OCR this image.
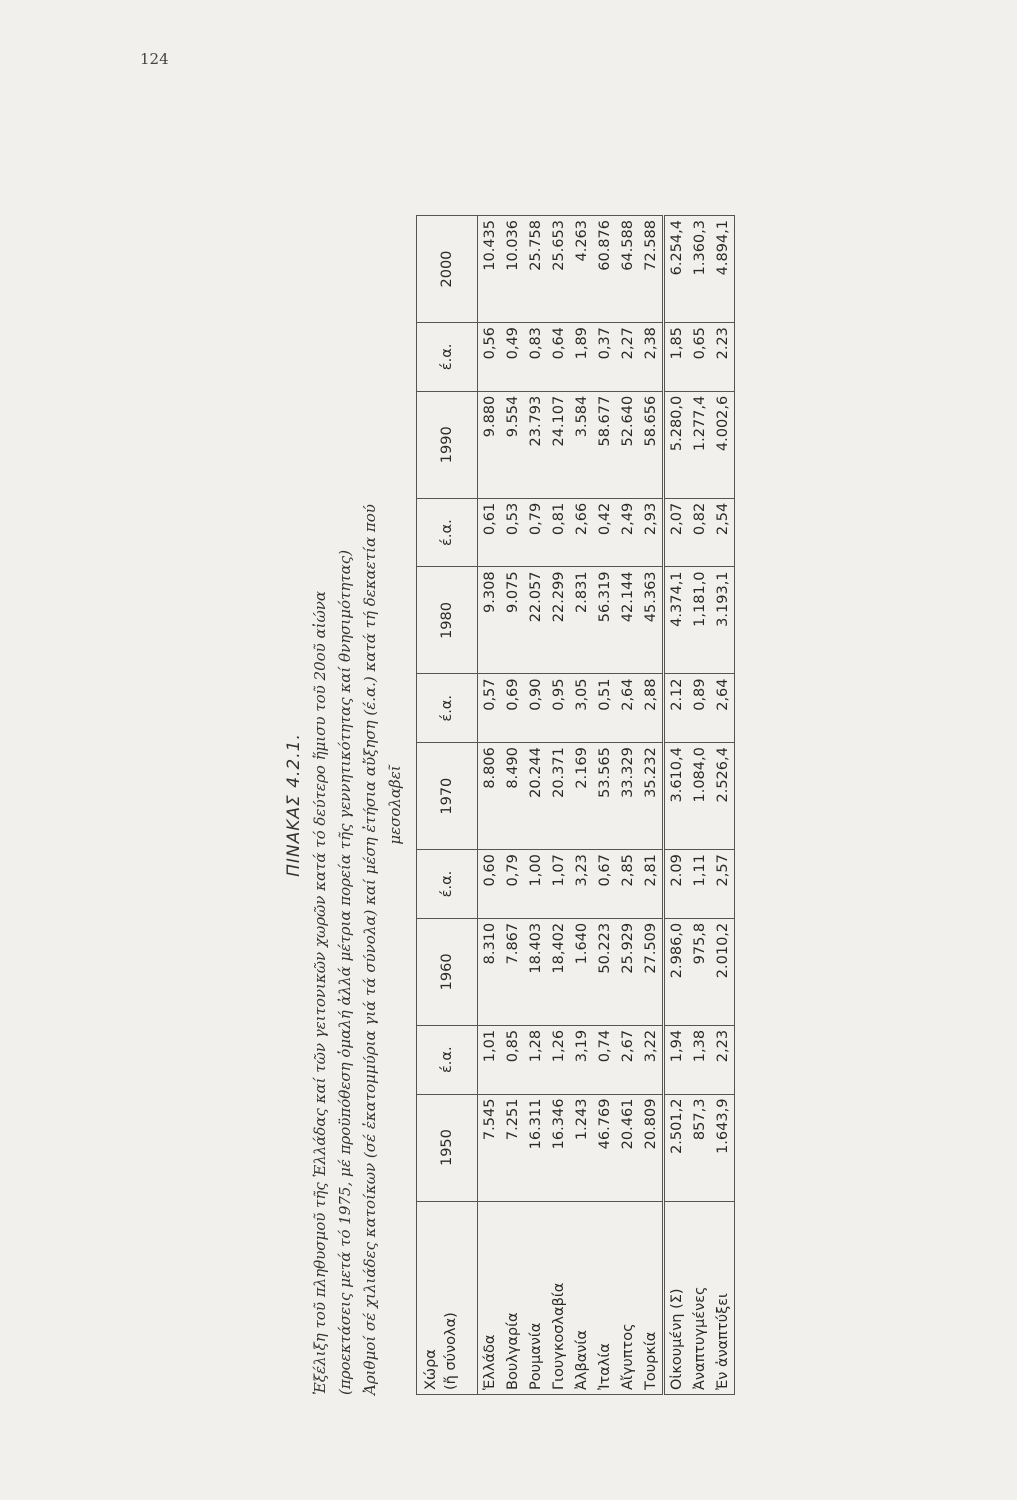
124
ΠΙΝΑΚΑΣ 4.2.1. Ἐξέλιξη τοῦ πληθυσμοῦ τῆς Ἑλλάδας καί τῶν γειτονικῶν χωρῶν κατά τό δεύτερο ἥμισυ τοῦ 20οῦ αἰώνα (προεκτάσεις μετά τό 1975, μέ προϋπόθεση ὁμαλή ἀλλά μέτρια πορεία τῆς γεννητικότητας καί θνησιμότητας) Ἀριθμοί σέ χιλιάδες κατοίκων (σέ ἑκατομμύρια γιά τά σύνολα) καί μέση ἐτήσια αὔξηση (έ.α.) κατά τή δεκαετία πού μεσολαβεῖ
Χώρα (ἤ σύνολα)	1950	έ.α.	1960	έ.α.	1970	έ.α.	1980	έ.α.	1990	έ.α.	2000
Ἑλλάδα	7.545	1,01	8.310	0,60	8.806	0,57	9.308	0,61	9.880	0,56	10.435
Βουλγαρία	7.251	0,85	7.867	0,79	8.490	0,69	9.075	0,53	9.554	0,49	10.036
Ρουμανία	16.311	1,28	18.403	1,00	20.244	0,90	22.057	0,79	23.793	0,83	25.758
Γιουγκοσλαβία	16.346	1,26	18,402	1,07	20.371	0,95	22.299	0,81	24.107	0,64	25.653
Ἀλβανία	1.243	3,19	1.640	3,23	2.169	3,05	2.831	2,66	3.584	1,89	4.263
Ἰταλία	46.769	0,74	50.223	0,67	53.565	0,51	56.319	0,42	58.677	0,37	60.876
Αἴγυπτος	20.461	2,67	25.929	2,85	33.329	2,64	42.144	2,49	52.640	2,27	64.588
Τουρκία	20.809	3,22	27.509	2,81	35.232	2,88	45.363	2,93	58.656	2,38	72.588
Οἰκουμένη (Σ)	2.501,2	1,94	2.986,0	2.09	3.610,4	2.12	4.374,1	2,07	5.280,0	1,85	6.254,4
Ἀναπτυγμένες	857,3	1,38	975,8	1,11	1.084,0	0,89	1,181,0	0,82	1.277,4	0,65	1.360,3
Ἐν ἀναπτύξει	1.643,9	2,23	2.010,2	2,57	2.526,4	2,64	3.193,1	2,54	4.002,6	2.23	4.894,1
